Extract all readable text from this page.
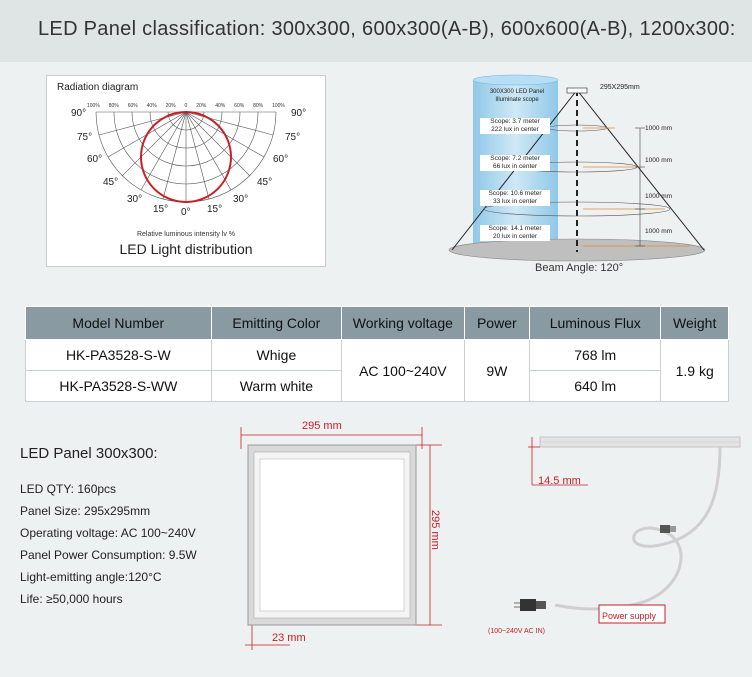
LED Panel classification: 300x300, 600x300(A-B), 600x600(A-B), 1200x300:
Radiation diagram
100% 80% 60% 40% 20% 0 20% 40% 60% 80% 100%
90°
75°
60°
45°
30°
15° 0° 15°
30°
45°
60°
75°
90°
Relative luminous intensity lv %
LED Light distribution
300X300 LED Panel
Illuminate scope
295X295mm
Scope: 3.7 meter
222 lux in center
Scope: 7.2 meter
66 lux in center
Scope: 10.6 meter
33 lux in center
Scope: 14.1 meter
20 lux in center
1000 mm
1000 mm
1000 mm
1000 mm
Beam Angle: 120°
Model Number	Emitting Color	Working voltage	Power	Luminous Flux	Weight
HK-PA3528-S-W	Whige	AC 100~240V	9W	768 lm	1.9 kg
HK-PA3528-S-WW	Warm white			640 lm	
LED Panel 300x300:
LED QTY: 160pcs
Panel Size: 295x295mm
Operating voltage: AC 100~240V
Panel Power Consumption: 9.5W
Light-emitting angle:120°C
Life: ≥50,000 hours
295 mm
295 mm
23 mm
14.5 mm
Power supply
(100~240V AC IN)
